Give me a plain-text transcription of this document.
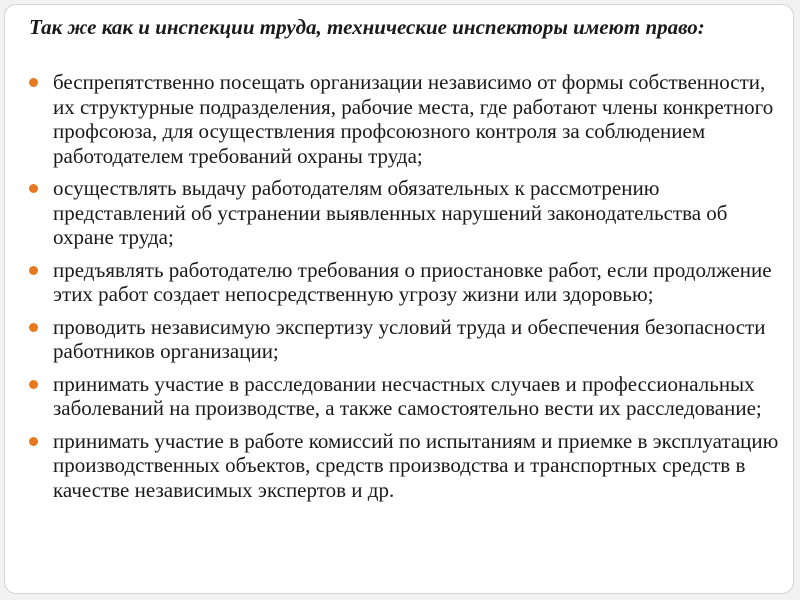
Так же как и инспекции труда, технические инспекторы имеют право:

беспрепятственно посещать организации независимо от формы собственности, их структурные подразделения, рабочие места, где работают члены конкретного профсоюза, для осуществления профсоюзного контроля за соблюдением работодателем требований охраны труда;
осуществлять выдачу работодателям обязательных к рассмотрению представлений об устранении выявленных нарушений законодательства об охране труда;
предъявлять работодателю требования о приостановке работ, если продолжение этих работ создает непосредственную угрозу жизни или здоровью;
проводить независимую экспертизу условий труда и обеспечения безопасности работников организации;
принимать участие в расследовании несчастных случаев и профессиональных заболеваний на производстве, а также самостоятельно вести их расследование;
принимать участие в работе комиссий по испытаниям и приемке в эксплуатацию производственных объектов, средств производства и транспортных средств в качестве независимых экспертов и др.
